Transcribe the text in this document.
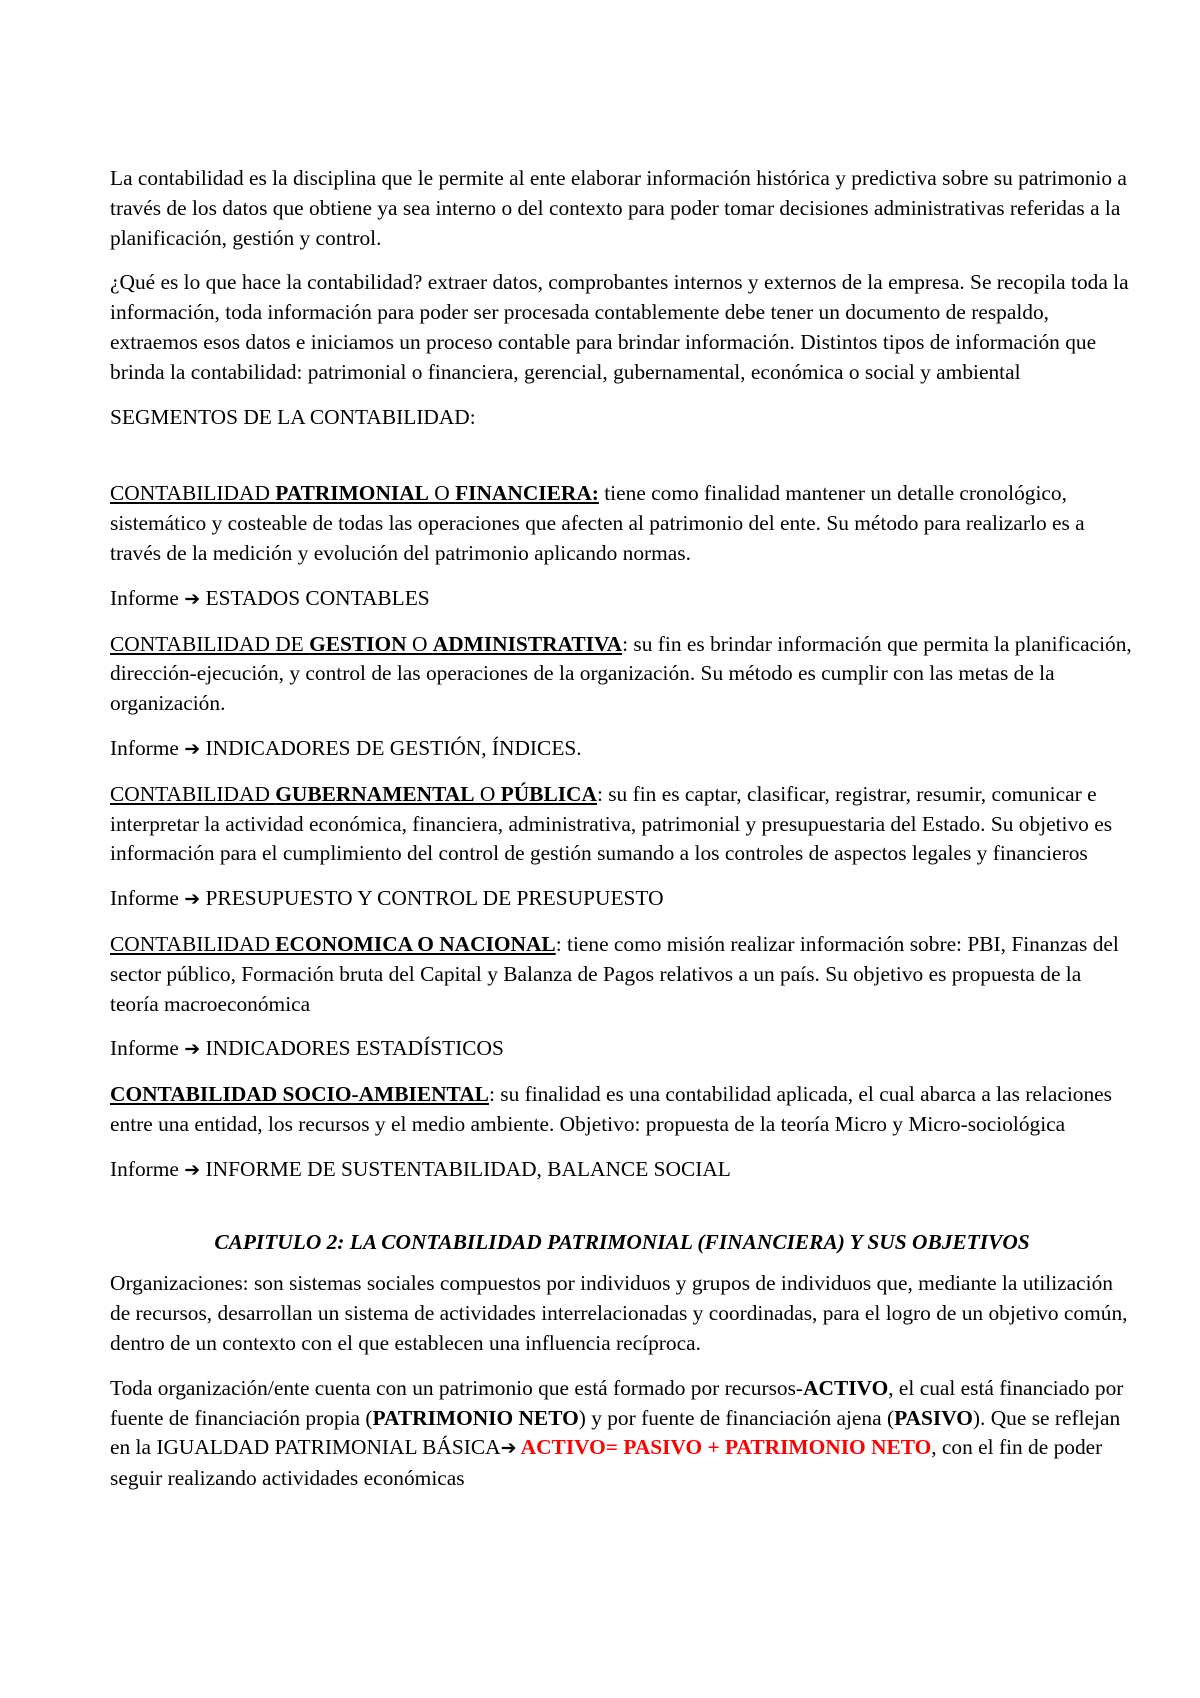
La contabilidad es la disciplina que le permite al ente elaborar información histórica y predictiva sobre su patrimonio a través de los datos que obtiene ya sea interno o del contexto para poder tomar decisiones administrativas referidas a la planificación, gestión y control.

¿Qué es lo que hace la contabilidad? extraer datos, comprobantes internos y externos de la empresa. Se recopila toda la información, toda información para poder ser procesada contablemente debe tener un documento de respaldo, extraemos esos datos e iniciamos un proceso contable para brindar información. Distintos tipos de información que brinda la contabilidad: patrimonial o financiera, gerencial, gubernamental, económica o social y ambiental

SEGMENTOS DE LA CONTABILIDAD:

CONTABILIDAD PATRIMONIAL O FINANCIERA: tiene como finalidad mantener un detalle cronológico, sistemático y costeable de todas las operaciones que afecten al patrimonio del ente. Su método para realizarlo es a través de la medición y evolución del patrimonio aplicando normas.

Informe ➔ ESTADOS CONTABLES

CONTABILIDAD DE GESTION O ADMINISTRATIVA: su fin es brindar información que permita la planificación, dirección-ejecución, y control de las operaciones de la organización. Su método es cumplir con las metas de la organización.

Informe ➔ INDICADORES DE GESTIÓN, ÍNDICES.

CONTABILIDAD GUBERNAMENTAL O PÚBLICA: su fin es captar, clasificar, registrar, resumir, comunicar e interpretar la actividad económica, financiera, administrativa, patrimonial y presupuestaria del Estado. Su objetivo es información para el cumplimiento del control de gestión sumando a los controles de aspectos legales y financieros

Informe ➔ PRESUPUESTO Y CONTROL DE PRESUPUESTO

CONTABILIDAD ECONOMICA O NACIONAL: tiene como misión realizar información sobre: PBI, Finanzas del sector público, Formación bruta del Capital y Balanza de Pagos relativos a un país. Su objetivo es propuesta de la teoría macroeconómica

Informe ➔ INDICADORES ESTADÍSTICOS

CONTABILIDAD SOCIO-AMBIENTAL: su finalidad es una contabilidad aplicada, el cual abarca a las relaciones entre una entidad, los recursos y el medio ambiente. Objetivo: propuesta de la teoría Micro y Micro-sociológica

Informe ➔ INFORME DE SUSTENTABILIDAD, BALANCE SOCIAL

CAPITULO 2: LA CONTABILIDAD PATRIMONIAL (FINANCIERA) Y SUS OBJETIVOS

Organizaciones: son sistemas sociales compuestos por individuos y grupos de individuos que, mediante la utilización de recursos, desarrollan un sistema de actividades interrelacionadas y coordinadas, para el logro de un objetivo común, dentro de un contexto con el que establecen una influencia recíproca.

Toda organización/ente cuenta con un patrimonio que está formado por recursos-ACTIVO, el cual está financiado por fuente de financiación propia (PATRIMONIO NETO) y por fuente de financiación ajena (PASIVO). Que se reflejan en la IGUALDAD PATRIMONIAL BÁSICA➔ ACTIVO= PASIVO + PATRIMONIO NETO, con el fin de poder seguir realizando actividades económicas
